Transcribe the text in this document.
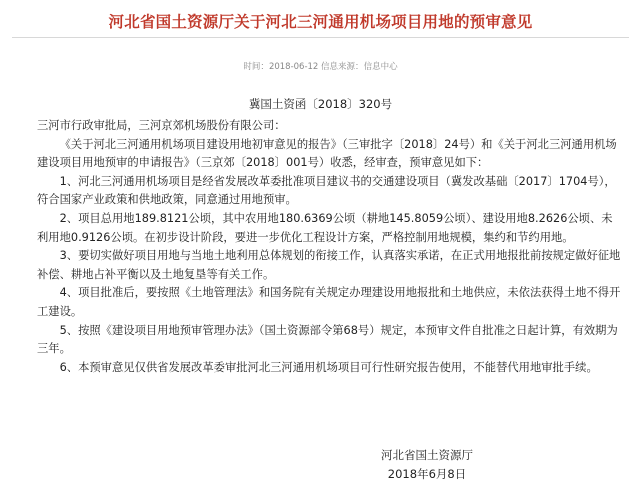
河北省国土资源厅关于河北三河通用机场项目用地的预审意见
时间：2018-06-12 信息来源：信息中心
冀国土资函〔2018〕320号

三河市行政审批局，三河京郊机场股份有限公司：

《关于河北三河通用机场项目建设用地初审意见的报告》（三审批字〔2018〕24号）和《关于河北三河通用机场建设项目用地预审的申请报告》（三京郊〔2018〕001号）收悉，经审查，预审意见如下：

1、河北三河通用机场项目是经省发展改革委批准项目建议书的交通建设项目（冀发改基础〔2017〕1704号），符合国家产业政策和供地政策，同意通过用地预审。

2、项目总用地189.8121公顷，其中农用地180.6369公顷（耕地145.8059公顷）、建设用地8.2626公顷、未利用地0.9126公顷。在初步设计阶段，要进一步优化工程设计方案，严格控制用地规模，集约和节约用地。

3、要切实做好项目用地与当地土地利用总体规划的衔接工作，认真落实承诺，在正式用地报批前按规定做好征地补偿、耕地占补平衡以及土地复垦等有关工作。

4、项目批准后，要按照《土地管理法》和国务院有关规定办理建设用地报批和土地供应，未依法获得土地不得开工建设。

5、按照《建设项目用地预审管理办法》（国土资源部令第68号）规定，本预审文件自批准之日起计算，有效期为三年。

6、本预审意见仅供省发展改革委审批河北三河通用机场项目可行性研究报告使用，不能替代用地审批手续。

河北省国土资源厅
2018年6月8日
